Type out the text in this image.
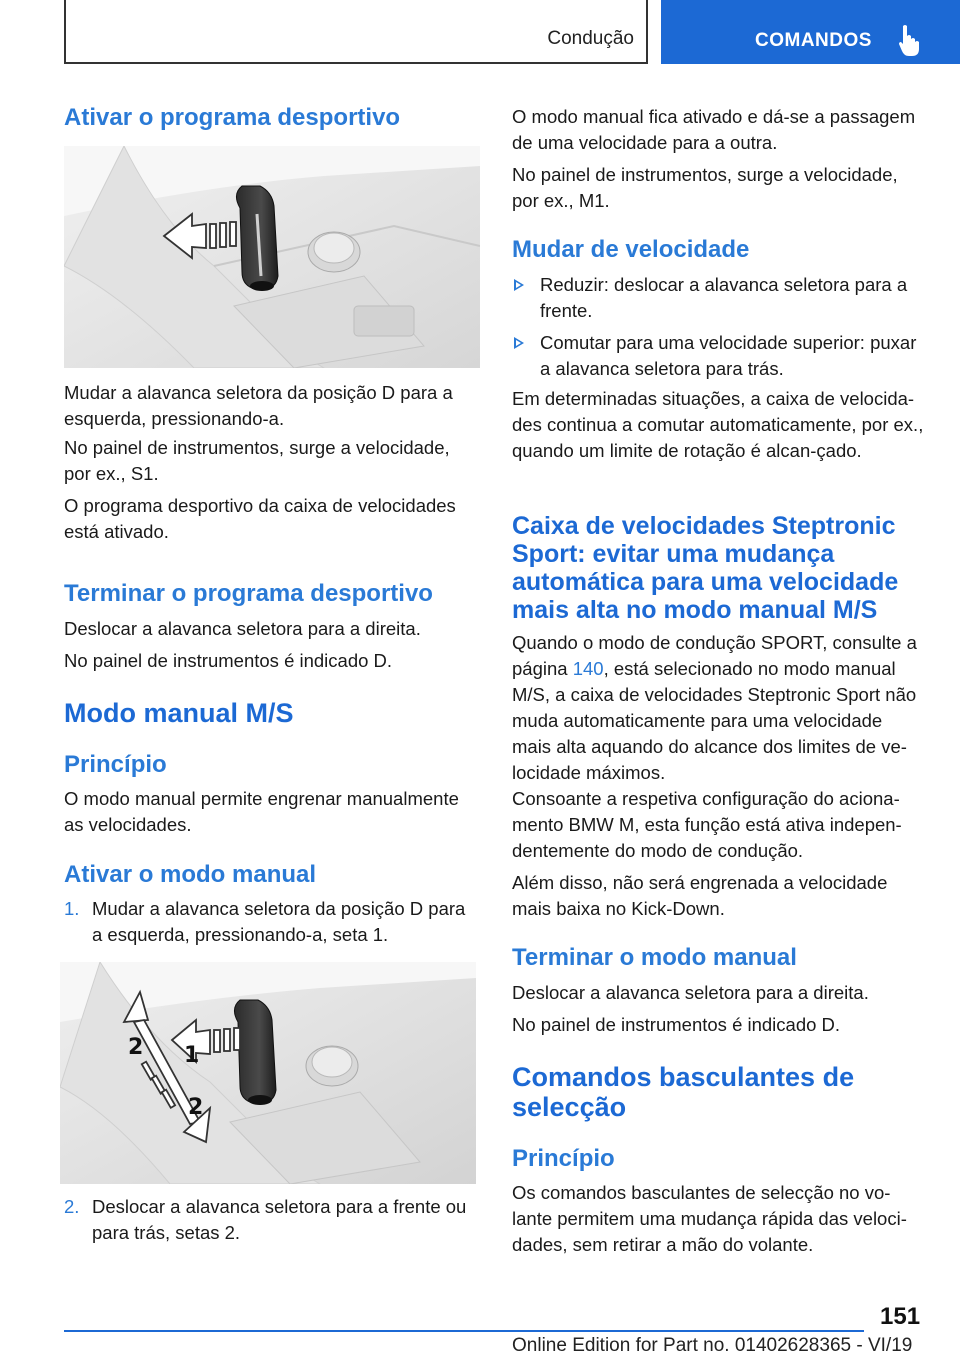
Condução	COMANDOS
Ativar o programa desportivo
Mudar a alavanca seletora da posição D para a esquerda, pressionando-a.
No painel de instrumentos, surge a velocidade, por ex., S1.
O programa desportivo da caixa de velocidades está ativado.
Terminar o programa desportivo
Deslocar a alavanca seletora para a direita.
No painel de instrumentos é indicado D.
Modo manual M/S
Princípio
O modo manual permite engrenar manualmente as velocidades.
Ativar o modo manual
1. Mudar a alavanca seletora da posição D para a esquerda, pressionando-a, seta 1.
2 1
2
2. Deslocar a alavanca seletora para a frente ou para trás, setas 2.
O modo manual fica ativado e dá-se a passagem de uma velocidade para a outra.
No painel de instrumentos, surge a velocidade, por ex., M1.
Mudar de velocidade
Reduzir: deslocar a alavanca seletora para a frente.
Comutar para uma velocidade superior: puxar a alavanca seletora para trás.
Em determinadas situações, a caixa de velocida-des continua a comutar automaticamente, por ex., quando um limite de rotação é alcan-çado.
Caixa de velocidades Steptronic
Sport: evitar uma mudança
automática para uma velocidade
mais alta no modo manual M/S
Quando o modo de condução SPORT, consulte a página 140, está selecionado no modo manual M/S, a caixa de velocidades Steptronic Sport não muda automaticamente para uma velocidade mais alta aquando do alcance dos limites de ve-locidade máximos.
Consoante a respetiva configuração do aciona-mento BMW M, esta função está ativa indepen-dentemente do modo de condução.
Além disso, não será engrenada a velocidade mais baixa no Kick-Down.
Terminar o modo manual
Deslocar a alavanca seletora para a direita.
No painel de instrumentos é indicado D.
Comandos basculantes de
selecção
Princípio
Os comandos basculantes de selecção no vo-lante permitem uma mudança rápida das veloci-dades, sem retirar a mão do volante.
151
Online Edition for Part no. 01402628365 - VI/19
